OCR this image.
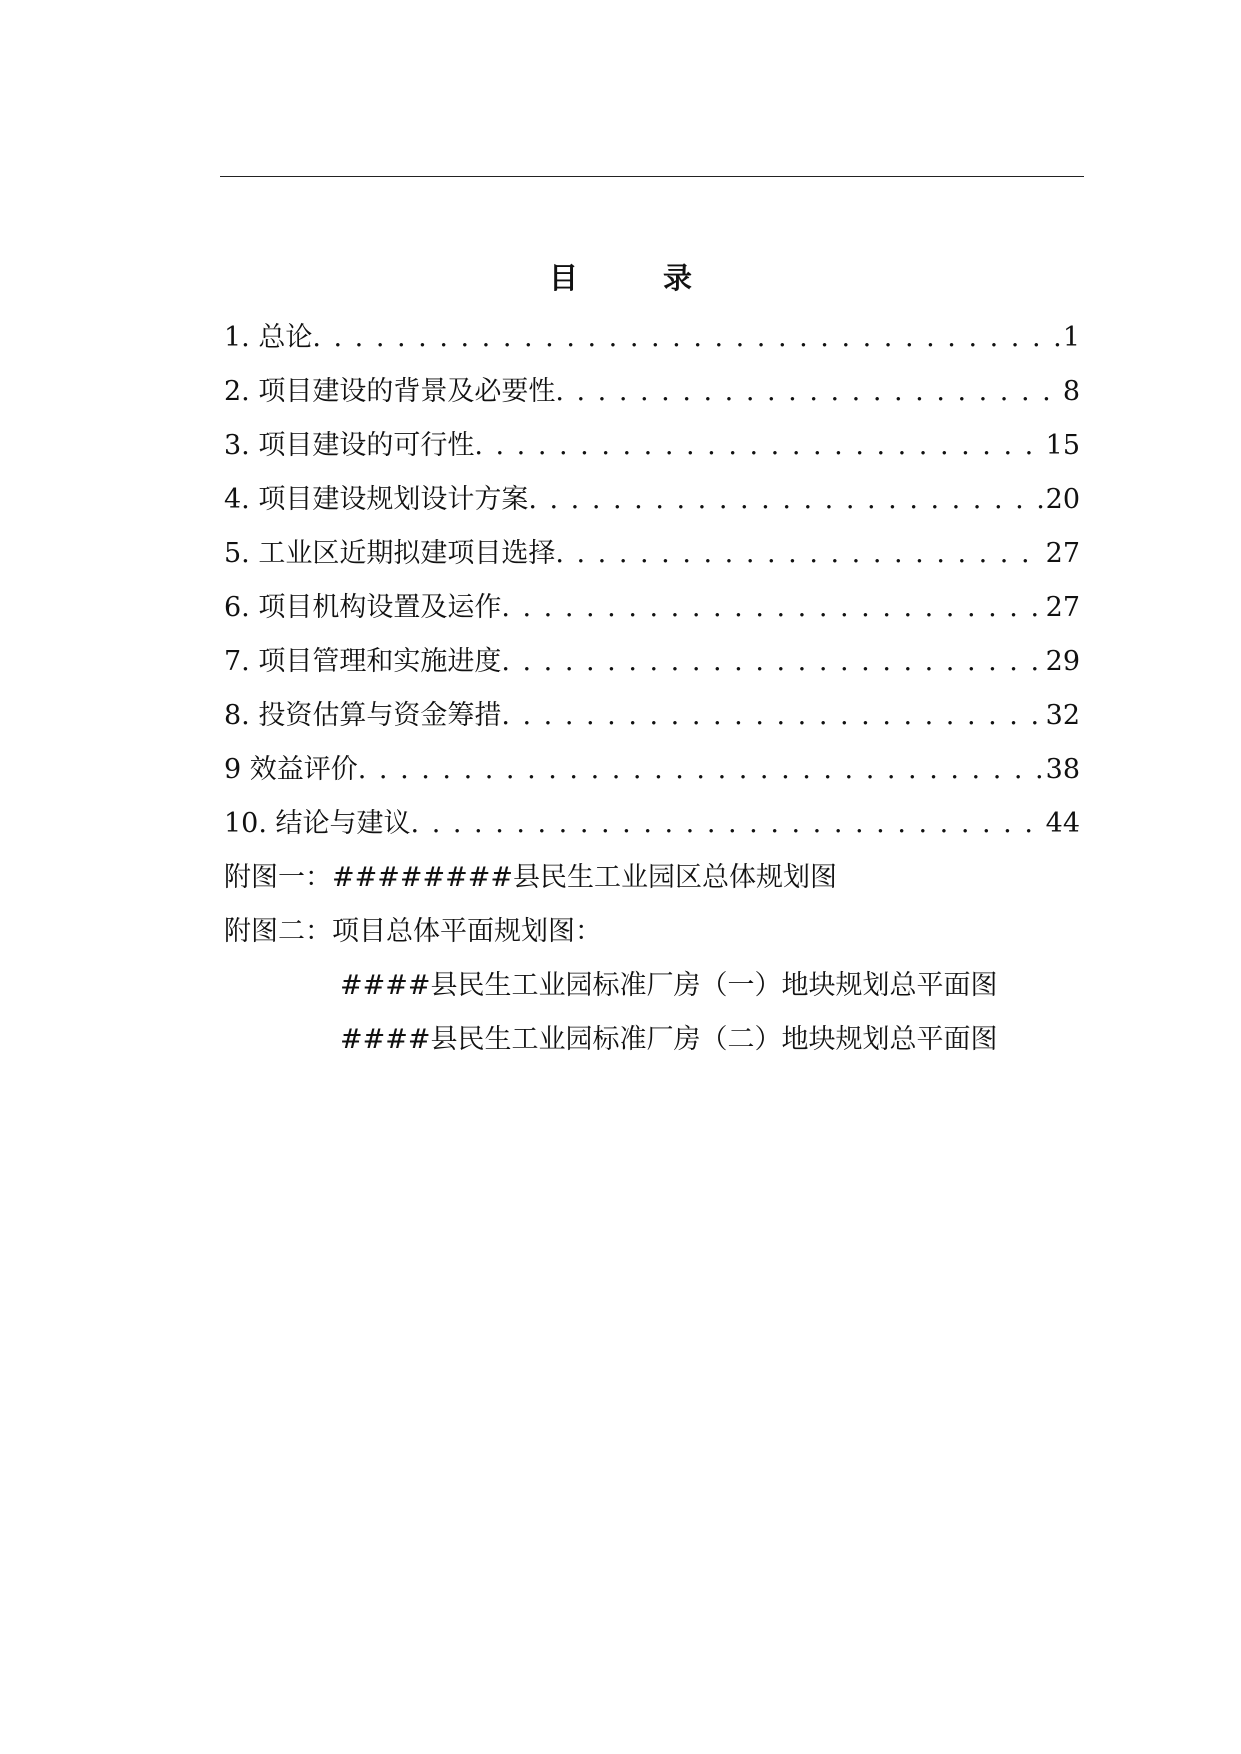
目　录
1. 总论 . . .	1
2. 项目建设的背景及必要性 . . .	8
3. 项目建设的可行性 . . .	15
4. 项目建设规划设计方案 . . .	20
5. 工业区近期拟建项目选择 . . .	27
6. 项目机构设置及运作 . . .	27
7. 项目管理和实施进度 . . .	29
8. 投资估算与资金筹措 . . .	32
9 效益评价 . . .	38
10. 结论与建议 . . .	44
附图一：########县民生工业园区总体规划图
附图二：项目总体平面规划图：
####县民生工业园标准厂房（一）地块规划总平面图
####县民生工业园标准厂房（二）地块规划总平面图
